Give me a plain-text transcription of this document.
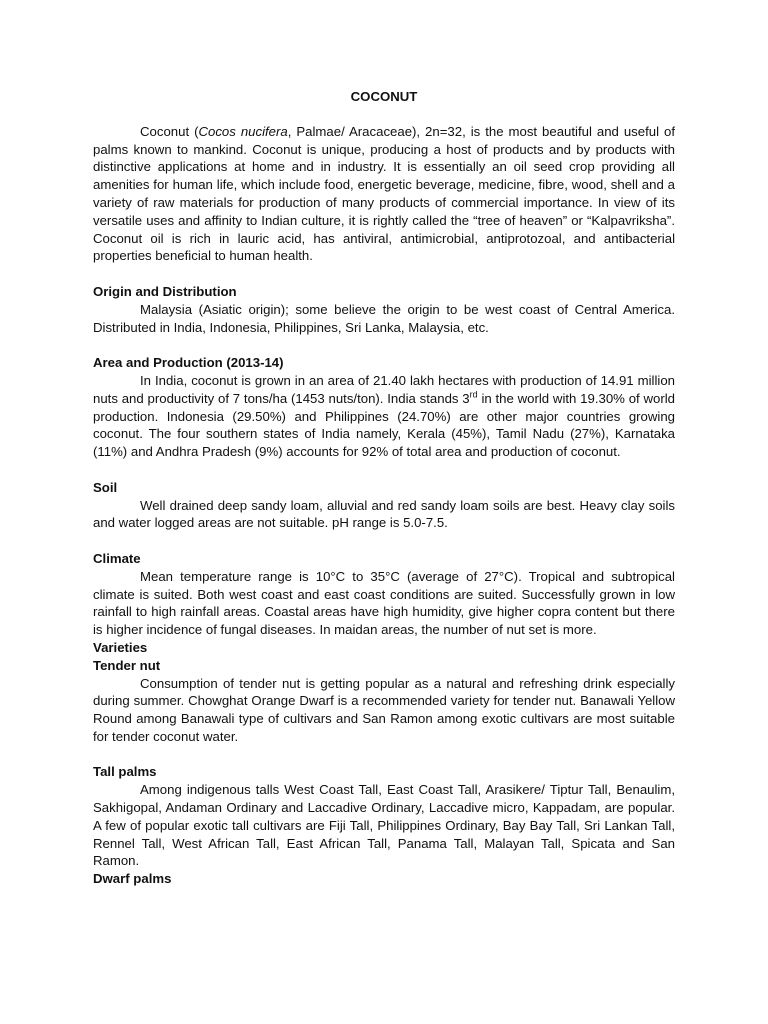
COCONUT

Coconut (Cocos nucifera, Palmae/ Aracaceae), 2n=32, is the most beautiful and useful of palms known to mankind. Coconut is unique, producing a host of products and by products with distinctive applications at home and in industry. It is essentially an oil seed crop providing all amenities for human life, which include food, energetic beverage, medicine, fibre, wood, shell and a variety of raw materials for production of many products of commercial importance. In view of its versatile uses and affinity to Indian culture, it is rightly called the “tree of heaven” or “Kalpavriksha”. Coconut oil is rich in lauric acid, has antiviral, antimicrobial, antiprotozoal, and antibacterial properties beneficial to human health.

Origin and Distribution

Malaysia (Asiatic origin); some believe the origin to be west coast of Central America. Distributed in India, Indonesia, Philippines, Sri Lanka, Malaysia, etc.

Area and Production (2013-14)

In India, coconut is grown in an area of 21.40 lakh hectares with production of 14.91 million nuts and productivity of 7 tons/ha (1453 nuts/ton). India stands 3rd in the world with 19.30% of world production. Indonesia (29.50%) and Philippines (24.70%) are other major countries growing coconut. The four southern states of India namely, Kerala (45%), Tamil Nadu (27%), Karnataka (11%) and Andhra Pradesh (9%) accounts for 92% of total area and production of coconut.

Soil

Well drained deep sandy loam, alluvial and red sandy loam soils are best. Heavy clay soils and water logged areas are not suitable. pH range is 5.0-7.5.

Climate

Mean temperature range is 10°C to 35°C (average of 27°C). Tropical and subtropical climate is suited. Both west coast and east coast conditions are suited. Successfully grown in low rainfall to high rainfall areas. Coastal areas have high humidity, give higher copra content but there is higher incidence of fungal diseases. In maidan areas, the number of nut set is more.

Varieties
Tender nut

Consumption of tender nut is getting popular as a natural and refreshing drink especially during summer. Chowghat Orange Dwarf is a recommended variety for tender nut. Banawali Yellow Round among Banawali type of cultivars and San Ramon among exotic cultivars are most suitable for tender coconut water.

Tall palms

Among indigenous talls West Coast Tall, East Coast Tall, Arasikere/ Tiptur Tall, Benaulim, Sakhigopal, Andaman Ordinary and Laccadive Ordinary, Laccadive micro, Kappadam, are popular. A few of popular exotic tall cultivars are Fiji Tall, Philippines Ordinary, Bay Bay Tall, Sri Lankan Tall, Rennel Tall, West African Tall, East African Tall, Panama Tall, Malayan Tall, Spicata and San Ramon.

Dwarf palms
